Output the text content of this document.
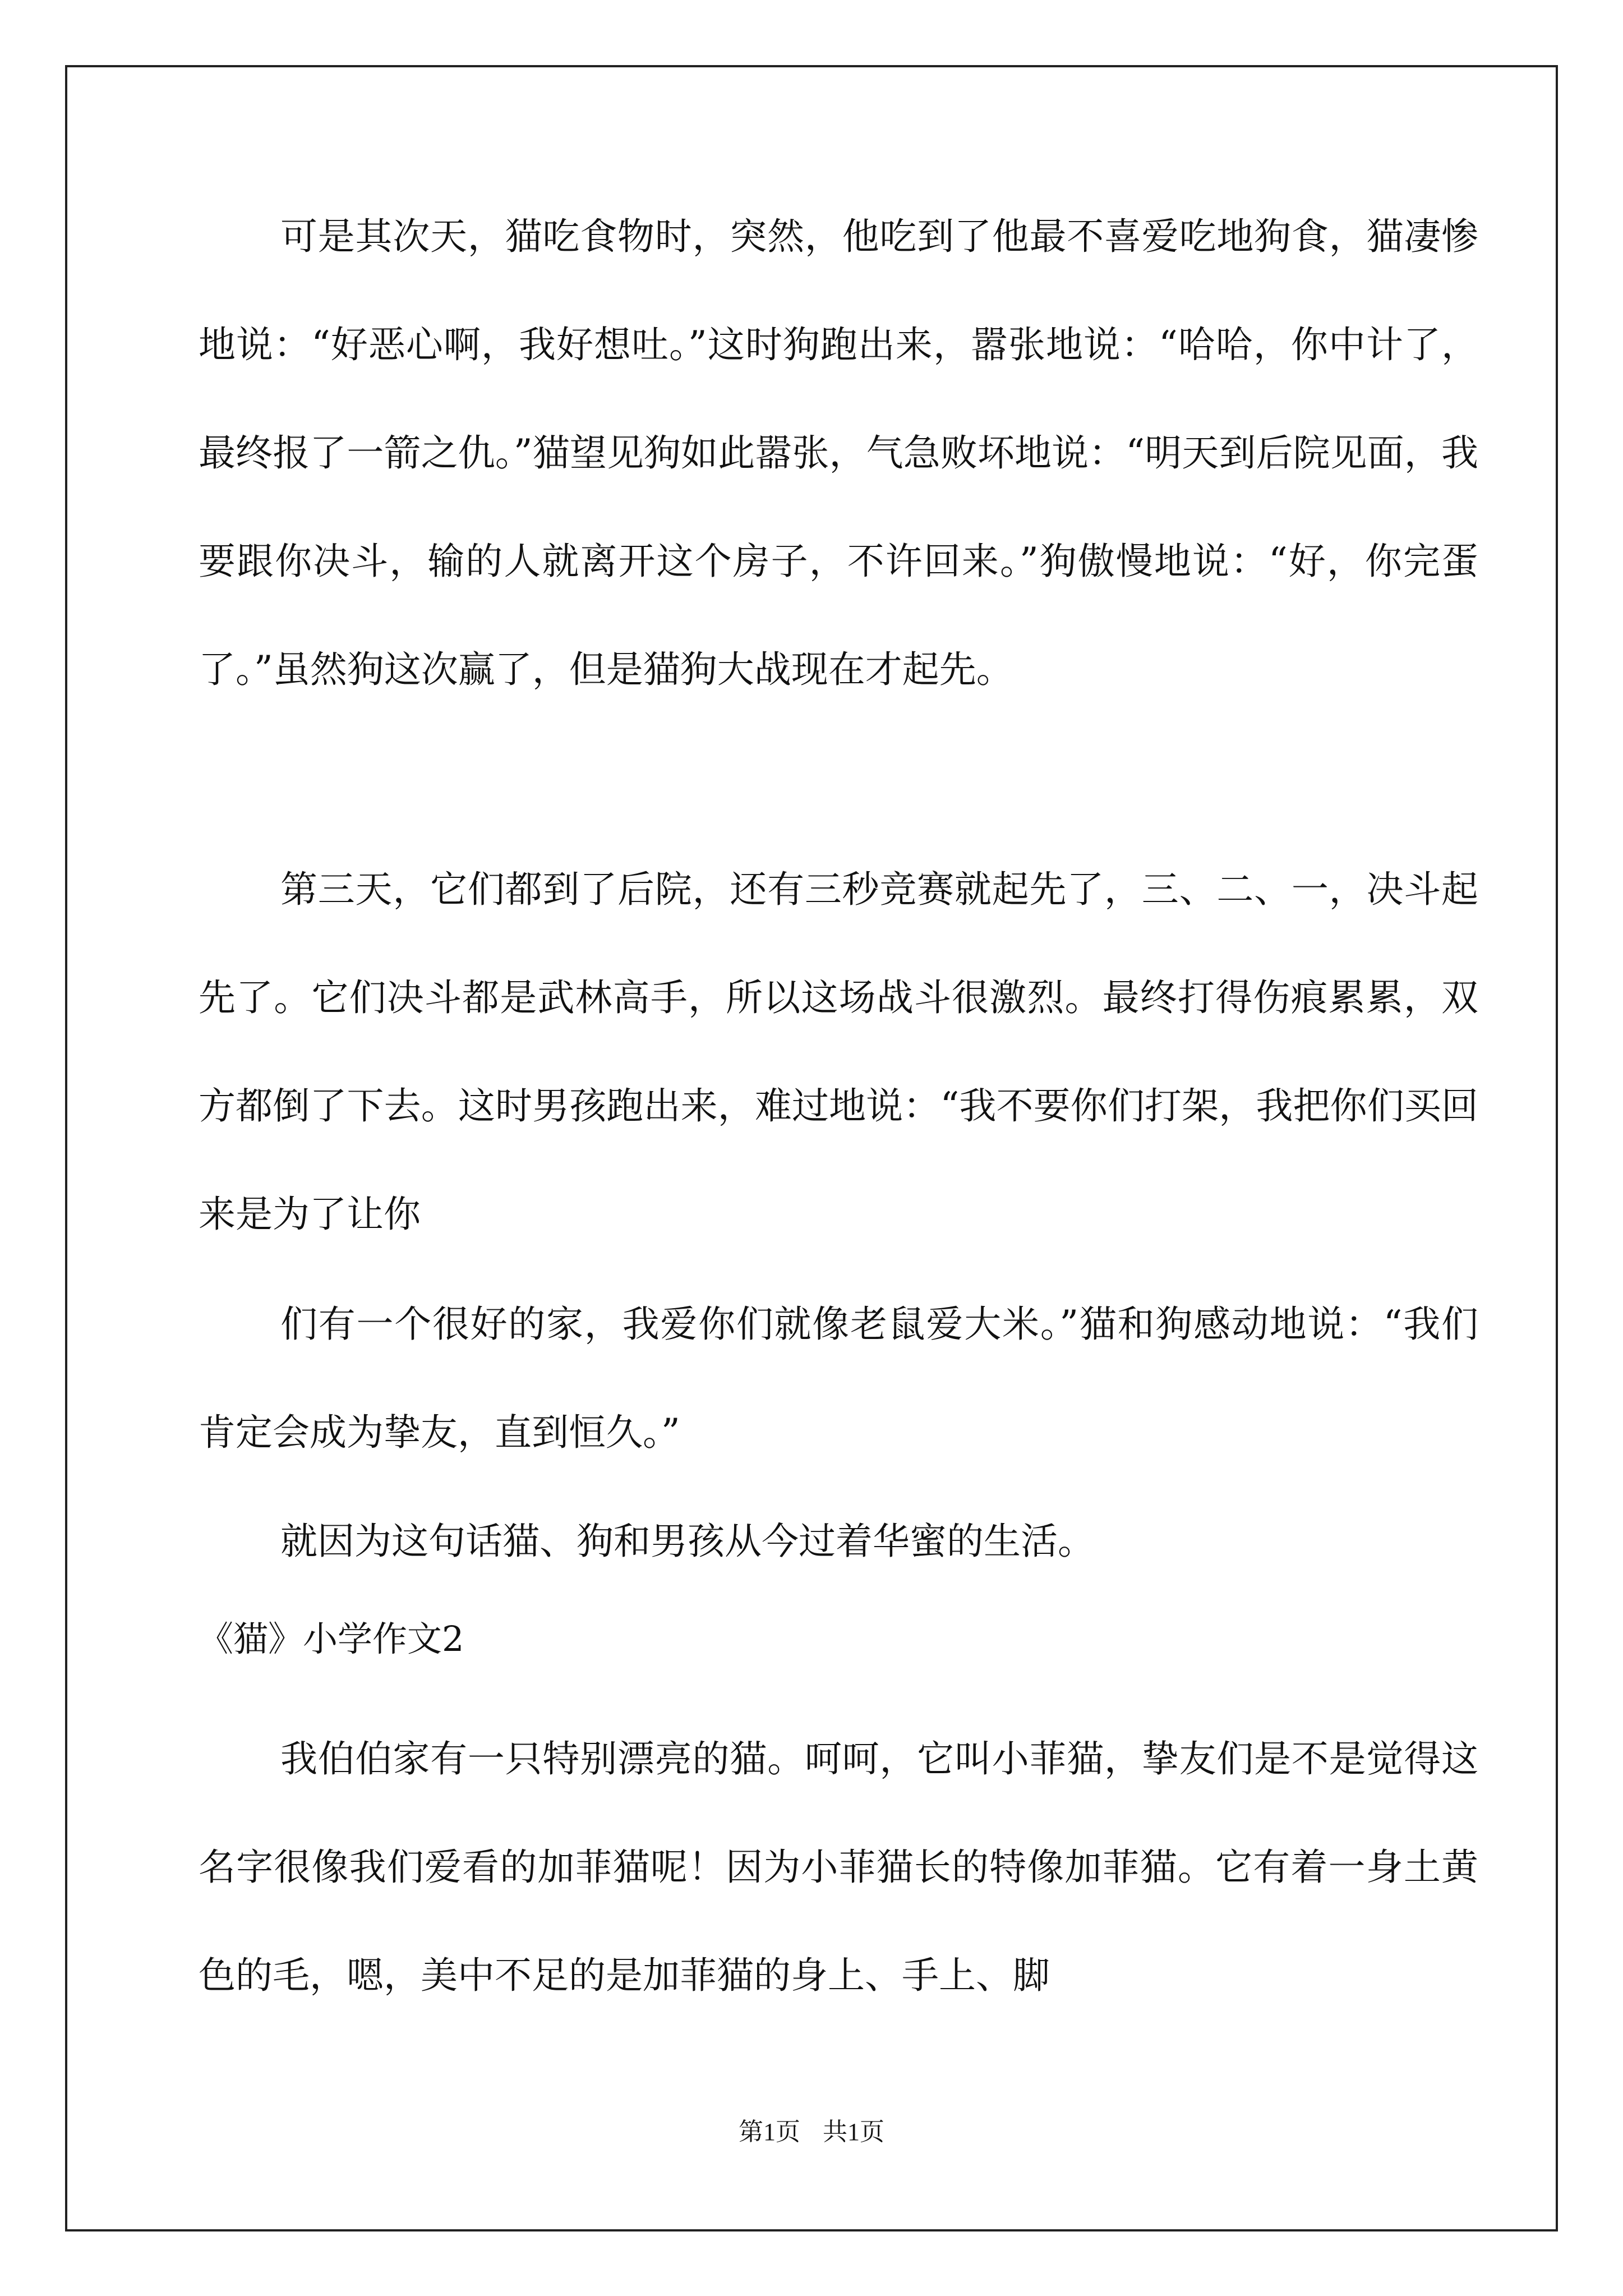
可是其次天，猫吃食物时，突然，他吃到了他最不喜爱吃地狗食，猫凄惨地说：“好恶心啊，我好想吐。”这时狗跑出来，嚣张地说：“哈哈，你中计了，最终报了一箭之仇。”猫望见狗如此嚣张，气急败坏地说：“明天到后院见面，我要跟你决斗，输的人就离开这个房子，不许回来。”狗傲慢地说：“好，你完蛋了。”虽然狗这次赢了，但是猫狗大战现在才起先。

第三天，它们都到了后院，还有三秒竞赛就起先了，三、二、一，决斗起先了。它们决斗都是武林高手，所以这场战斗很激烈。最终打得伤痕累累，双方都倒了下去。这时男孩跑出来，难过地说：“我不要你们打架，我把你们买回来是为了让你

们有一个很好的家，我爱你们就像老鼠爱大米。”猫和狗感动地说：“我们肯定会成为挚友，直到恒久。”

就因为这句话猫、狗和男孩从今过着华蜜的生活。

《猫》小学作文2

我伯伯家有一只特别漂亮的猫。呵呵，它叫小菲猫，挚友们是不是觉得这名字很像我们爱看的加菲猫呢！因为小菲猫长的特像加菲猫。它有着一身土黄色的毛，嗯，美中不足的是加菲猫的身上、手上、脚

第1页 共1页
